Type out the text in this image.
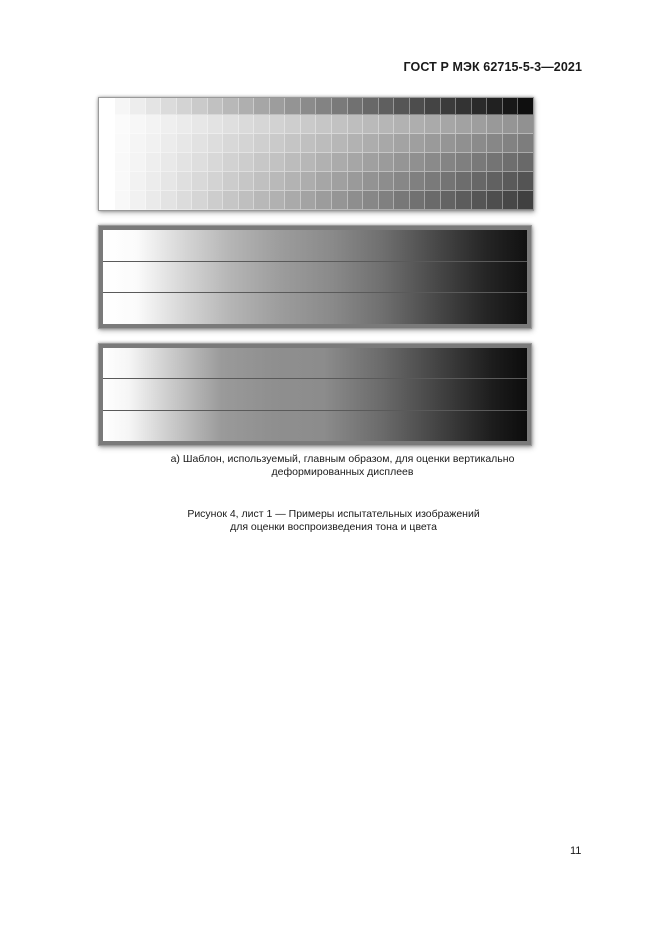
ГОСТ Р МЭК 62715-5-3—2021
а) Шаблон, используемый, главным образом, для оценки вертикально
деформированных дисплеев
Рисунок 4, лист 1 — Примеры испытательных изображений
для оценки воспроизведения тона и цвета
11
